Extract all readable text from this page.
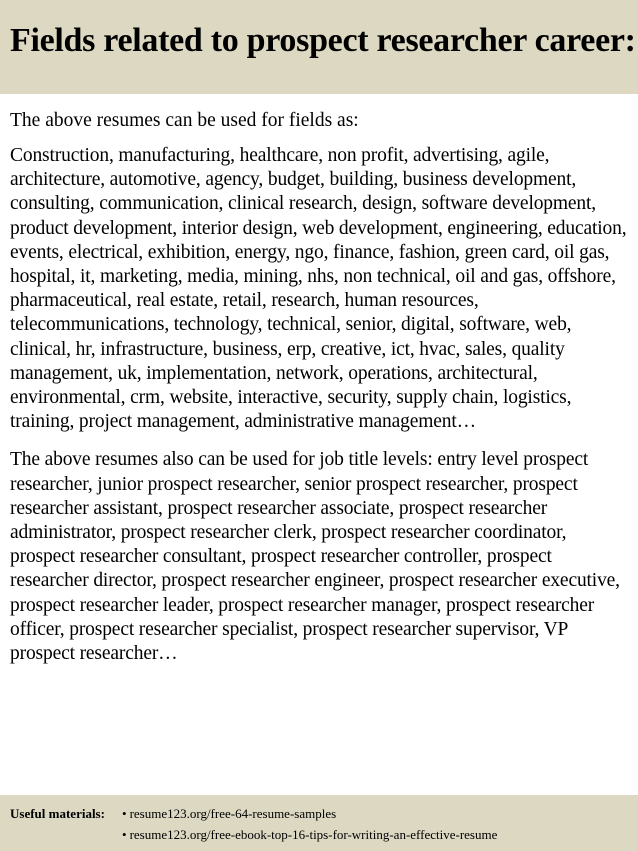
Fields related to prospect researcher career:

The above resumes can be used for fields as:

Construction, manufacturing, healthcare, non profit, advertising, agile, architecture, automotive, agency, budget, building, business development, consulting, communication, clinical research, design, software development, product development, interior design, web development, engineering, education, events, electrical, exhibition, energy, ngo, finance, fashion, green card, oil gas, hospital, it, marketing, media, mining, nhs, non technical, oil and gas, offshore, pharmaceutical, real estate, retail, research, human resources, telecommunications, technology, technical, senior, digital, software, web, clinical, hr, infrastructure, business, erp, creative, ict, hvac, sales, quality management, uk, implementation, network, operations, architectural, environmental, crm, website, interactive, security, supply chain, logistics, training, project management, administrative management…

The above resumes also can be used for job title levels: entry level prospect researcher, junior prospect researcher, senior prospect researcher, prospect researcher assistant, prospect researcher associate, prospect researcher administrator, prospect researcher clerk, prospect researcher coordinator, prospect researcher consultant, prospect researcher controller, prospect researcher director, prospect researcher engineer, prospect researcher executive, prospect researcher leader, prospect researcher manager, prospect researcher officer, prospect researcher specialist, prospect researcher supervisor, VP prospect researcher…

Useful materials:	• resume123.org/free-64-resume-samples
• resume123.org/free-ebook-top-16-tips-for-writing-an-effective-resume
